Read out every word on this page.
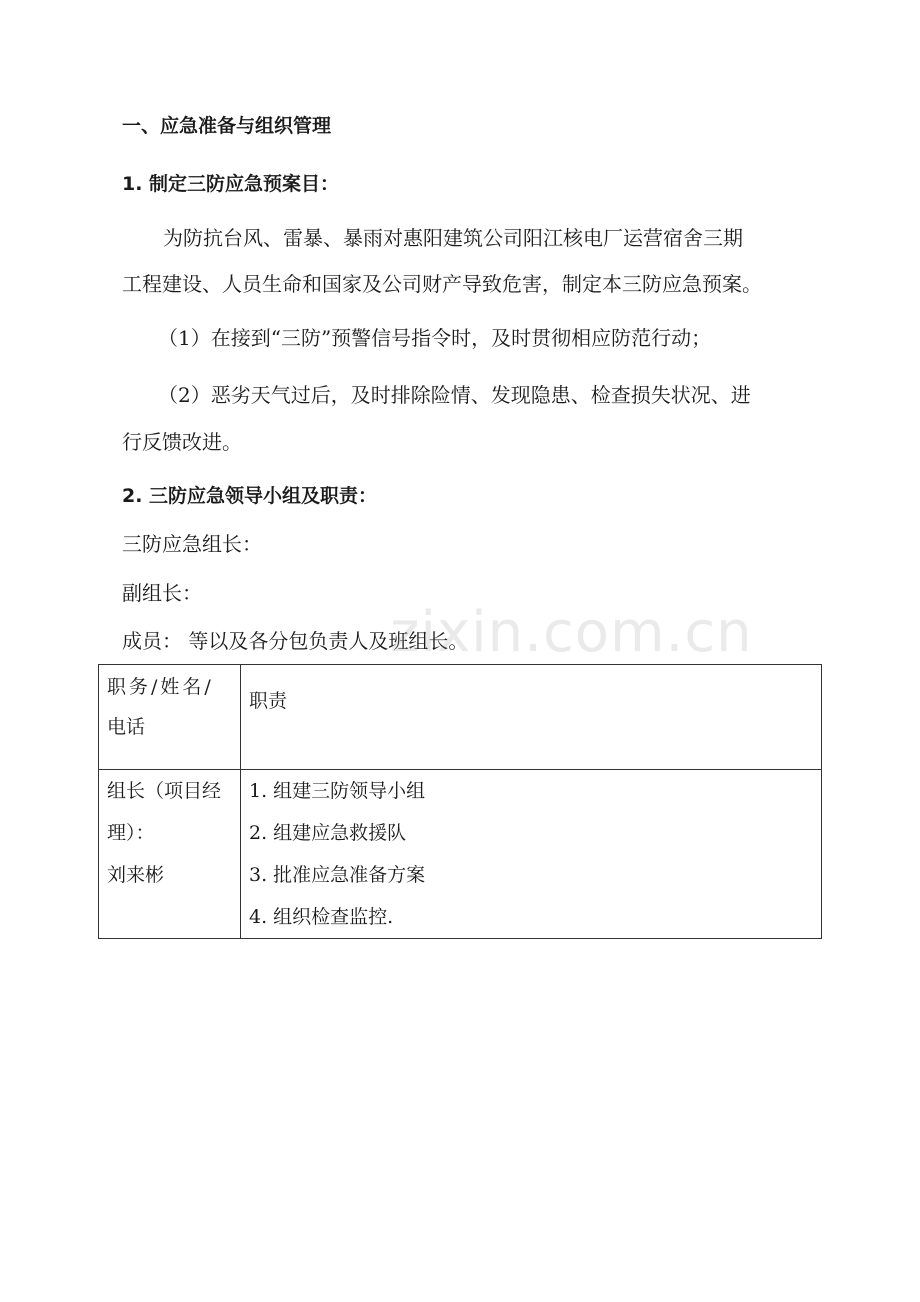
一、应急准备与组织管理
1. 制定三防应急预案目：
为防抗台风、雷暴、暴雨对惠阳建筑公司阳江核电厂运营宿舍三期
工程建设、人员生命和国家及公司财产导致危害，制定本三防应急预案。
（1）在接到“三防”预警信号指令时，及时贯彻相应防范行动；
（2）恶劣天气过后，及时排除险情、发现隐患、检查损失状况、进
行反馈改进。
2. 三防应急领导小组及职责：
三防应急组长：
副组长：
成员： 等以及各分包负责人及班组长。
zixin.com.cn
职务/姓名/
电话	职责

组长（项目经
理）：
刘来彬	1. 组建三防领导小组
2. 组建应急救援队
3. 批准应急准备方案
4. 组织检查监控.
